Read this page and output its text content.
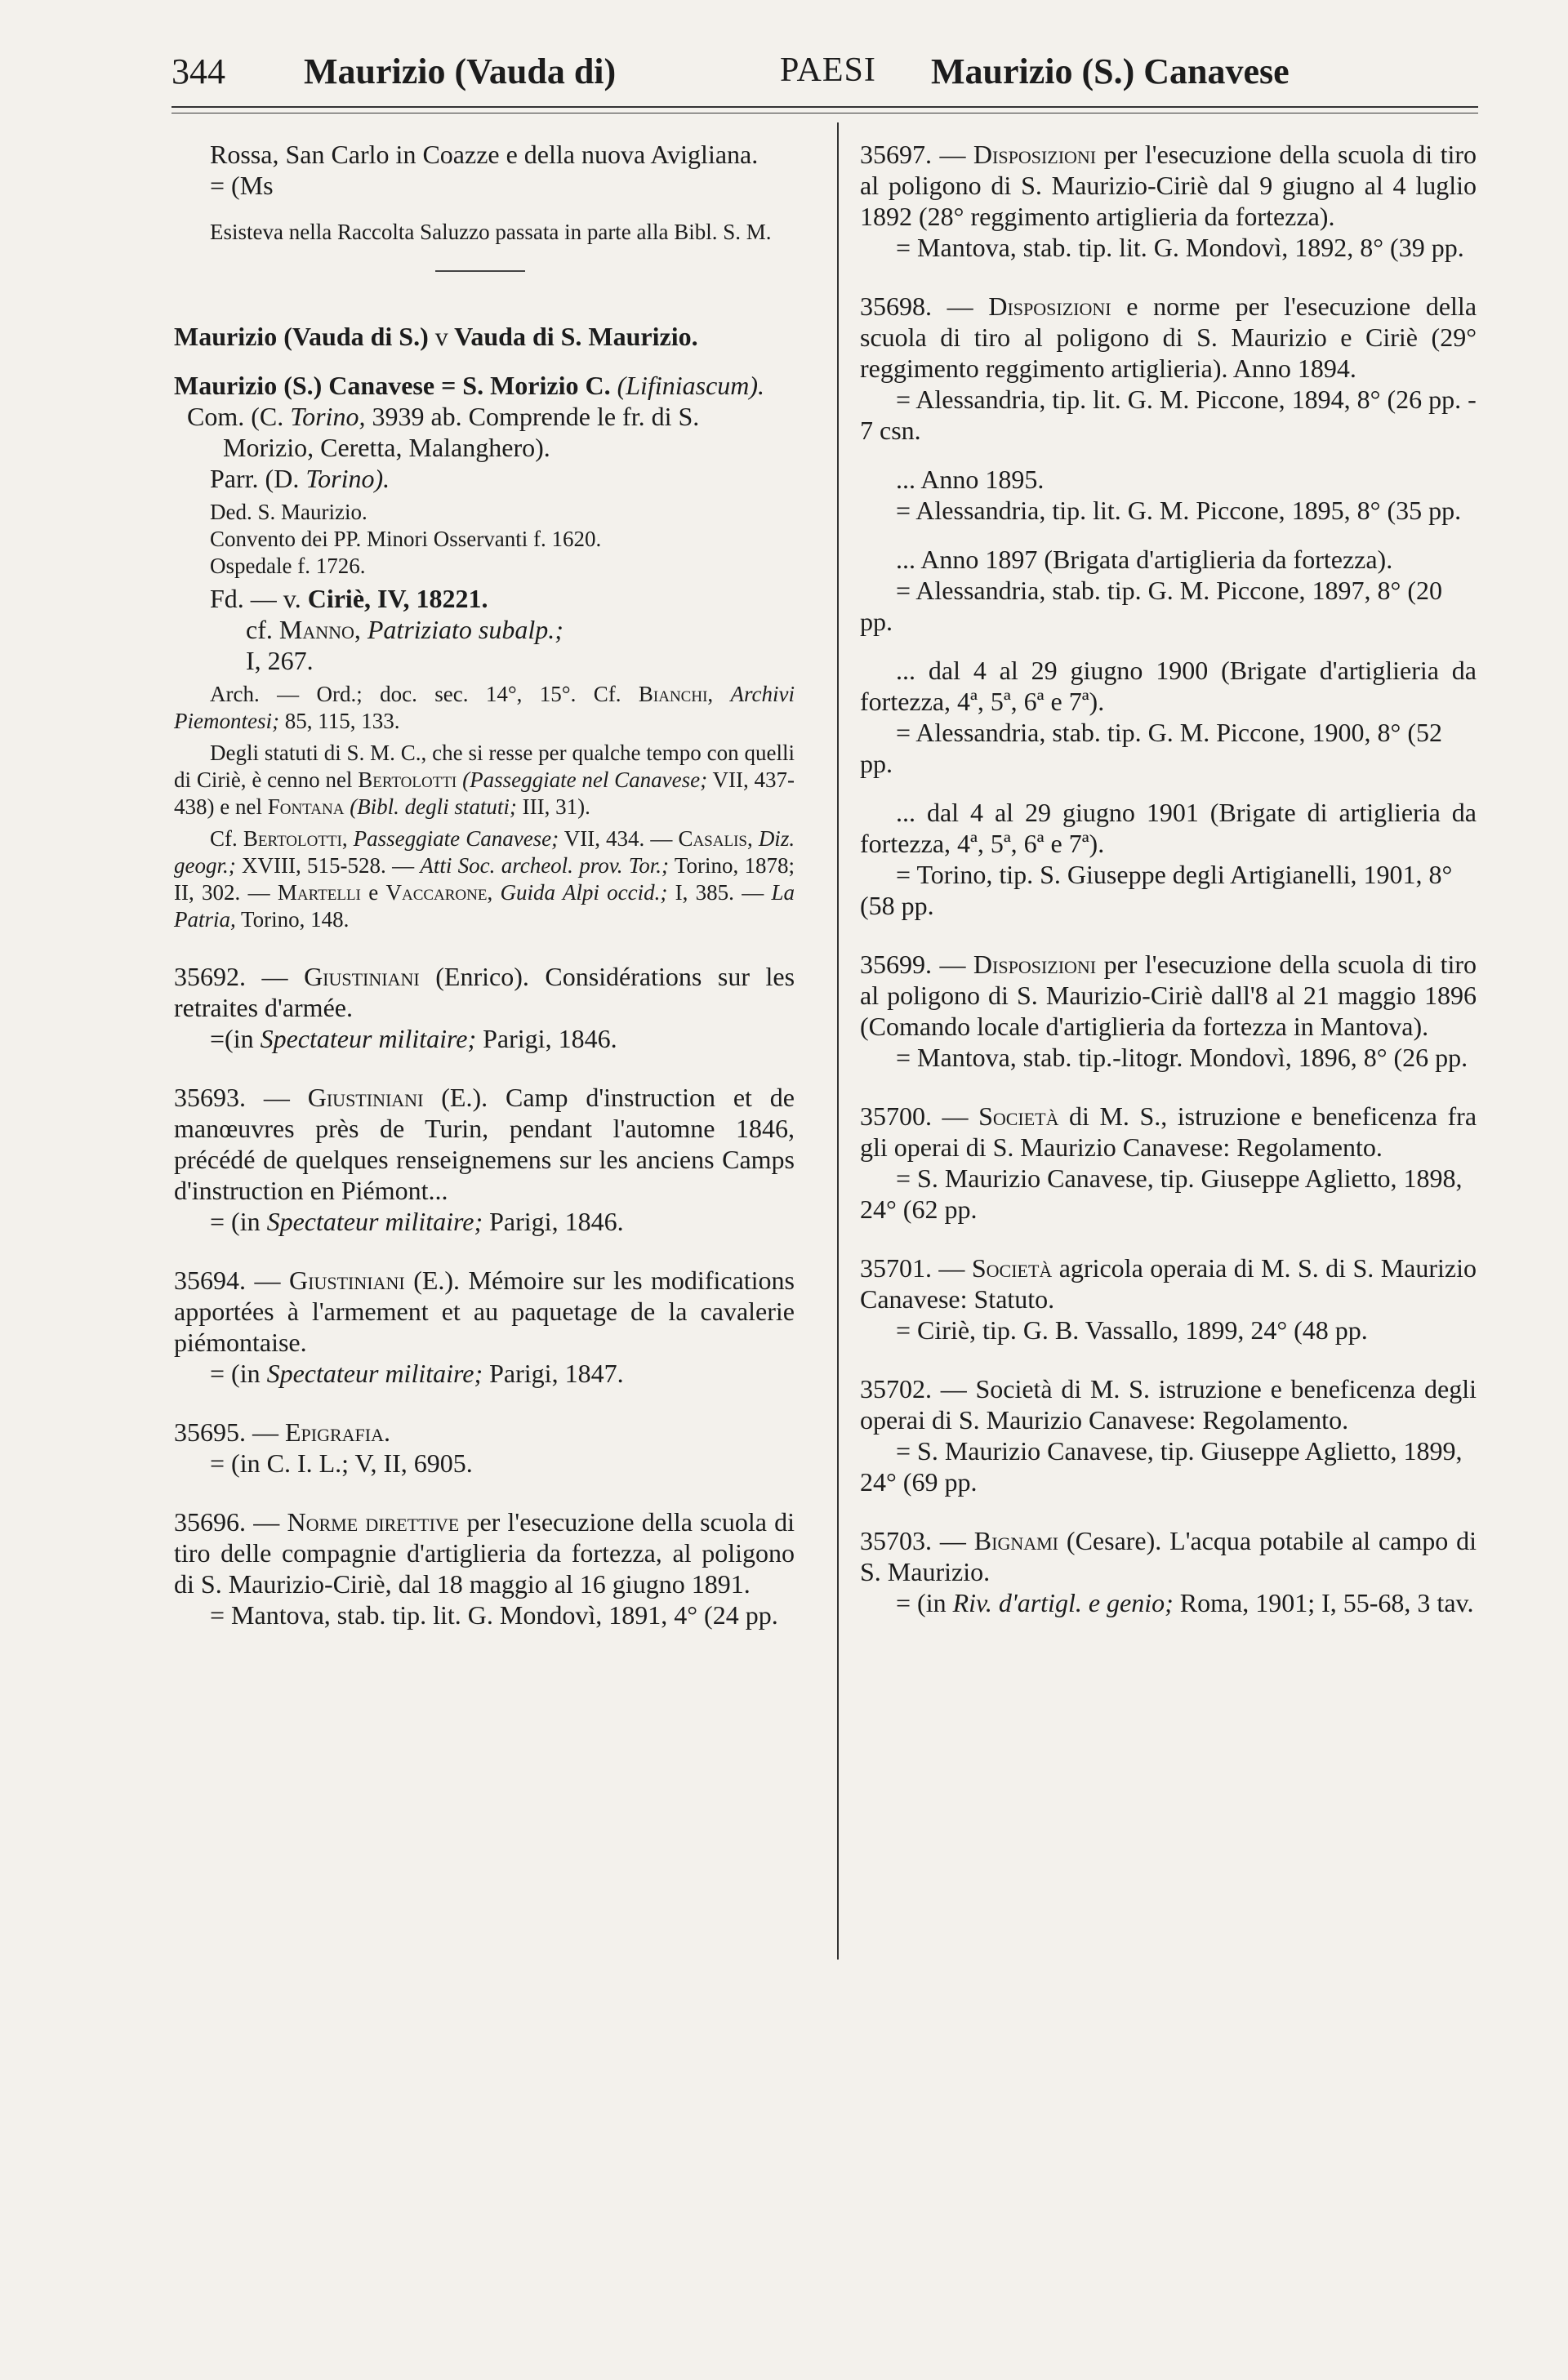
344 Maurizio (Vauda di)	PAESI Maurizio (S.) Canavese

Rossa, San Carlo in Coazze e della nuova Avigliana.

= (Ms

Esisteva nella Raccolta Saluzzo passata in parte alla Bibl. S. M.

Maurizio (Vauda di S.) v Vauda di S. Maurizio.

Maurizio (S.) Canavese = S. Morizio C. (Lifiniascum).

Com. (C. Torino, 3939 ab. Comprende le fr. di S. Morizio, Ceretta, Malanghero).

Parr. (D. Torino).

Ded. S. Maurizio.

Convento dei PP. Minori Osservanti f. 1620.

Ospedale f. 1726.

Fd. — v. Ciriè, IV, 18221.

cf. Manno, Patriziato subalp.;
I, 267.

Arch. — Ord.; doc. sec. 14°, 15°. Cf. Bianchi, Archivi Piemontesi; 85, 115, 133.

Degli statuti di S. M. C., che si resse per qualche tempo con quelli di Ciriè, è cenno nel Bertolotti (Passeggiate nel Canavese; VII, 437-438) e nel Fontana (Bibl. degli statuti; III, 31).

Cf. Bertolotti, Passeggiate Canavese; VII, 434. — Casalis, Diz. geogr.; XVIII, 515-528. — Atti Soc. archeol. prov. Tor.; Torino, 1878; II, 302. — Martelli e Vaccarone, Guida Alpi occid.; I, 385. — La Patria, Torino, 148.

35692. — Giustiniani (Enrico). Considérations sur les retraites d'armée.

=(in Spectateur militaire; Parigi, 1846.

35693. — Giustiniani (E.). Camp d'instruction et de manœuvres près de Turin, pendant l'automne 1846, précédé de quelques renseignemens sur les anciens Camps d'instruction en Piémont...

= (in Spectateur militaire; Parigi, 1846.

35694. — Giustiniani (E.). Mémoire sur les modifications apportées à l'armement et au paquetage de la cavalerie piémontaise.

= (in Spectateur militaire; Parigi, 1847.

35695. — Epigrafia.

= (in C. I. L.; V, II, 6905.

35696. — Norme direttive per l'esecuzione della scuola di tiro delle compagnie d'artiglieria da fortezza, al poligono di S. Maurizio-Ciriè, dal 18 maggio al 16 giugno 1891.

= Mantova, stab. tip. lit. G. Mondovì, 1891, 4° (24 pp.

35697. — Disposizioni per l'esecuzione della scuola di tiro al poligono di S. Maurizio-Ciriè dal 9 giugno al 4 luglio 1892 (28° reggimento artiglieria da fortezza).

= Mantova, stab. tip. lit. G. Mondovì, 1892, 8° (39 pp.

35698. — Disposizioni e norme per l'esecuzione della scuola di tiro al poligono di S. Maurizio e Ciriè (29° reggimento reggimento artiglieria). Anno 1894.

= Alessandria, tip. lit. G. M. Piccone, 1894, 8° (26 pp. - 7 csn.

... Anno 1895.

= Alessandria, tip. lit. G. M. Piccone, 1895, 8° (35 pp.

... Anno 1897 (Brigata d'artiglieria da fortezza).

= Alessandria, stab. tip. G. M. Piccone, 1897, 8° (20 pp.

... dal 4 al 29 giugno 1900 (Brigate d'artiglieria da fortezza, 4ª, 5ª, 6ª e 7ª).

= Alessandria, stab. tip. G. M. Piccone, 1900, 8° (52 pp.

... dal 4 al 29 giugno 1901 (Brigate di artiglieria da fortezza, 4ª, 5ª, 6ª e 7ª).

= Torino, tip. S. Giuseppe degli Artigianelli, 1901, 8° (58 pp.

35699. — Disposizioni per l'esecuzione della scuola di tiro al poligono di S. Maurizio-Ciriè dall'8 al 21 maggio 1896 (Comando locale d'artiglieria da fortezza in Mantova).

= Mantova, stab. tip.-litogr. Mondovì, 1896, 8° (26 pp.

35700. — Società di M. S., istruzione e beneficenza fra gli operai di S. Maurizio Canavese: Regolamento.

= S. Maurizio Canavese, tip. Giuseppe Aglietto, 1898, 24° (62 pp.

35701. — Società agricola operaia di M. S. di S. Maurizio Canavese: Statuto.

= Ciriè, tip. G. B. Vassallo, 1899, 24° (48 pp.

35702. — Società di M. S. istruzione e beneficenza degli operai di S. Maurizio Canavese: Regolamento.

= S. Maurizio Canavese, tip. Giuseppe Aglietto, 1899, 24° (69 pp.

35703. — Bignami (Cesare). L'acqua potabile al campo di S. Maurizio.

= (in Riv. d'artigl. e genio; Roma, 1901; I, 55-68, 3 tav.
